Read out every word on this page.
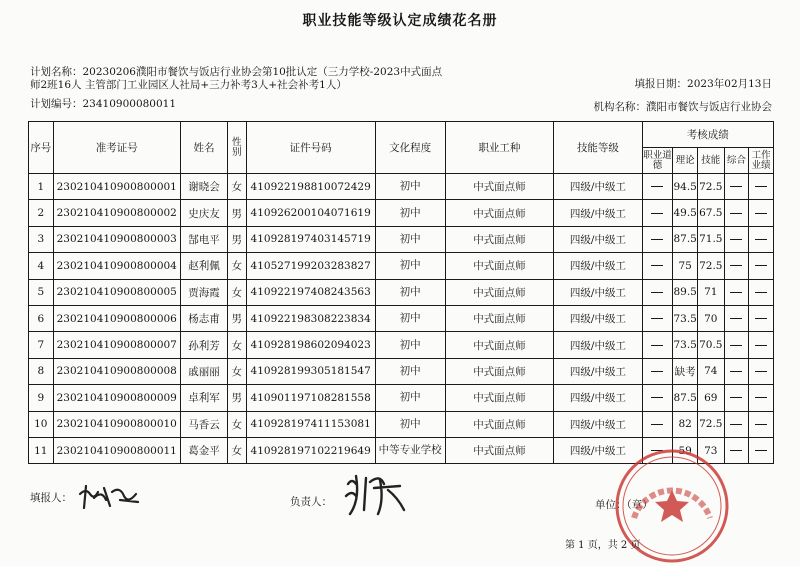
职业技能等级认定成绩花名册
计划名称：20230206濮阳市餐饮与饭店行业协会第10批认定（三力学校-2023中式面点师2班16人 主管部门工业园区人社局+三力补考3人+社会补考1人）	填报日期：2023年02月13日
计划编号：23410900080011	机构名称：濮阳市餐饮与饭店行业协会
序号	准考证号	姓名	性别	证件号码	文化程度	职业工种	技能等级	考核成绩				
								职业道德	理论	技能	综合	工作业绩
1	230210410900800001	谢晓会	女	410922198810072429	初中	中式面点师	四级/中级工		94.5	72.5		
2	230210410900800002	史庆友	男	410926200104071619	初中	中式面点师	四级/中级工		49.5	67.5		
3	230210410900800003	郜电平	男	410928197403145719	初中	中式面点师	四级/中级工		87.5	71.5		
4	230210410900800004	赵利佩	女	410527199203283827	初中	中式面点师	四级/中级工		75	72.5		
5	230210410900800005	贾海霞	女	410922197408243563	初中	中式面点师	四级/中级工		89.5	71		
6	230210410900800006	杨志甫	男	410922198308223834	初中	中式面点师	四级/中级工		73.5	70		
7	230210410900800007	孙利芳	女	410928198602094023	初中	中式面点师	四级/中级工		73.5	70.5		
8	230210410900800008	戚丽丽	女	410928199305181547	初中	中式面点师	四级/中级工		缺考	74		
9	230210410900800009	卓利军	男	410901197108281558	初中	中式面点师	四级/中级工		87.5	69		
10	230210410900800010	马香云	女	410928197411153081	初中	中式面点师	四级/中级工		82	72.5		
11	230210410900800011	葛金平	女	410928197102219649	中等专业学校	中式面点师	四级/中级工		59	73		
填报人：	负责人：	单位：（章）
第 1 页，共 2 页
